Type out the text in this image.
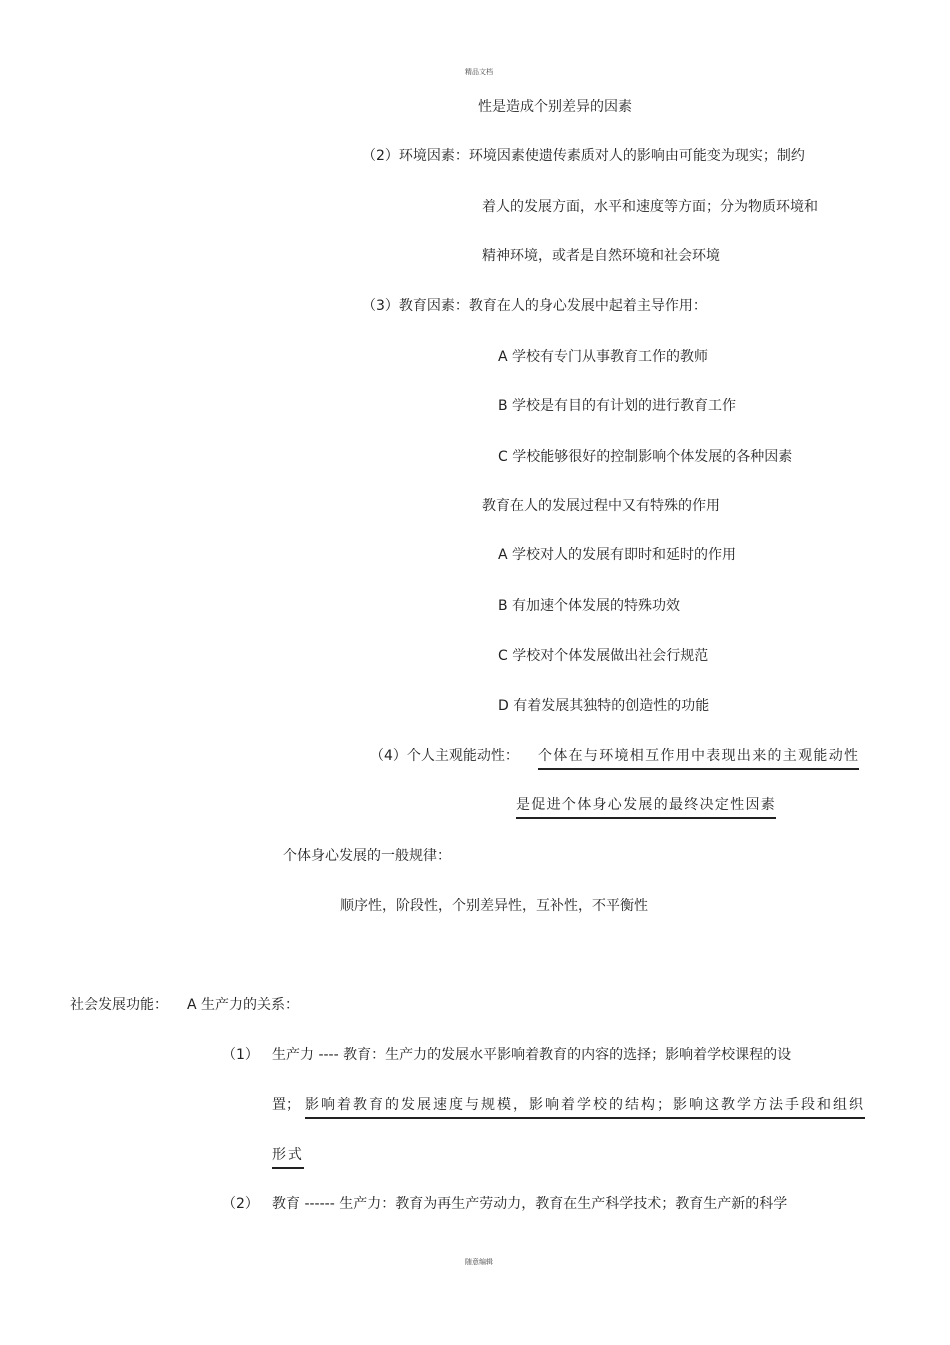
精品文档
性是造成个别差异的因素
（2）环境因素：环境因素使遗传素质对人的影响由可能变为现实；制约
着人的发展方面，水平和速度等方面；分为物质环境和
精神环境，或者是自然环境和社会环境
（3）教育因素：教育在人的身心发展中起着主导作用：
A 学校有专门从事教育工作的教师
B 学校是有目的有计划的进行教育工作
C 学校能够很好的控制影响个体发展的各种因素
教育在人的发展过程中又有特殊的作用
A 学校对人的发展有即时和延时的作用
B 有加速个体发展的特殊功效
C 学校对个体发展做出社会行规范
D 有着发展其独特的创造性的功能
（4）个人主观能动性： 个体在与环境相互作用中表现出来的主观能动性
是促进个体身心发展的最终决定性因素
个体身心发展的一般规律：
顺序性，阶段性，个别差异性，互补性，不平衡性
社会发展功能： A 生产力的关系：
（1） 生产力 ---- 教育：生产力的发展水平影响着教育的内容的选择；影响着学校课程的设
置； 影响着教育的发展速度与规模，影响着学校的结构；影响这教学方法手段和组织
形式
（2） 教育 ------ 生产力：教育为再生产劳动力，教育在生产科学技术；教育生产新的科学
随意编辑
